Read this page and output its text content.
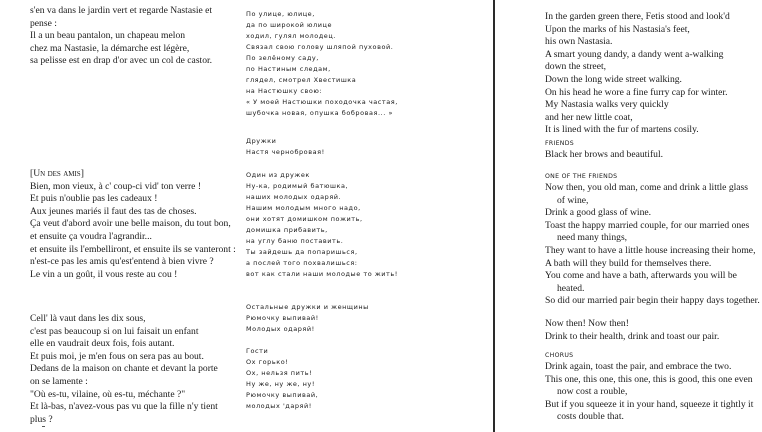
s'en va dans le jardin vert et regarde Nastasie et
pense :
Il a un beau pantalon, un chapeau melon
chez ma Nastasie, la démarche est légère,
sa pelisse est en drap d'or avec un col de castor.
[Un des amis]
Bien, mon vieux, à c' coup-ci vid' ton verre !
Et puis n'oublie pas les cadeaux !
Aux jeunes mariés il faut des tas de choses.
Ça veut d'abord avoir une belle maison, du tout bon,
et ensuite ça voudra l'agrandir...
et ensuite ils l'embelliront, et ensuite ils se vanteront :
n'est-ce pas les amis qu'est'entend à bien vivre ?
Le vin a un goût, il vous reste au cou !
Cell' là vaut dans les dix sous,
c'est pas beaucoup si on lui faisait un enfant
elle en vaudrait deux fois, fois autant.
Et puis moi, je m'en fous on sera pas au bout.
Dedans de la maison on chante et devant la porte
on se lamente :
"Où es-tu, vilaine, où es-tu, méchante ?"
Et là-bas, n'avez-vous pas vu que la fille n'y tient
plus ?
По улице, юлице,
да по широкой юлице
ходил, гулял молодец.
Связал свою голову шляпой пуховой.
По зелёному саду,
по Настиным следам,
глядел, смотрел Хвестишка
на Настюшку свою:
« У моей Настюшки походочка частая,
шубочка новая, опушка бобровая... »
Дружки
Настя чернобровая!
Один из дружек
Ну-ка, родимый батюшка,
наших молодых одаряй.
Нашим молодым много надо,
они хотят домишком пожить,
домишка прибавить,
на углу баню поставить.
Ты зайдешь да попаришься,
а послей того похвалишься:
вот как стали наши молодые то жить!
Остальные дружки и женщины
Рюмочку выпивай!
Молодых одаряй!
Гости
Ох горько!
Ох, нельзя пить!
Ну же, ну же, ну!
Рюмочку выпивай,
молодых 'даряй!
In the garden green there, Fetis stood and look'd
Upon the marks of his Nastasia's feet,
his own Nastasia.
A smart young dandy, a dandy went a-walking
down the street,
Down the long wide street walking.
On his head he wore a fine furry cap for winter.
My Nastasia walks very quickly
and her new little coat,
It is lined with the fur of martens cosily.
FRIENDS
Black her brows and beautiful.
ONE OF THE FRIENDS
Now then, you old man, come and drink a little glass
of wine,
Drink a good glass of wine.
Toast the happy married couple, for our married ones
need many things,
They want to have a little house increasing their home,
A bath will they build for themselves there.
You come and have a bath, afterwards you will be
heated.
So did our married pair begin their happy days together.
Now then! Now then!
Drink to their health, drink and toast our pair.
CHORUS
Drink again, toast the pair, and embrace the two.
This one, this one, this one, this is good, this one even
now cost a rouble,
But if you squeeze it in your hand, squeeze it tightly it
costs double that.
